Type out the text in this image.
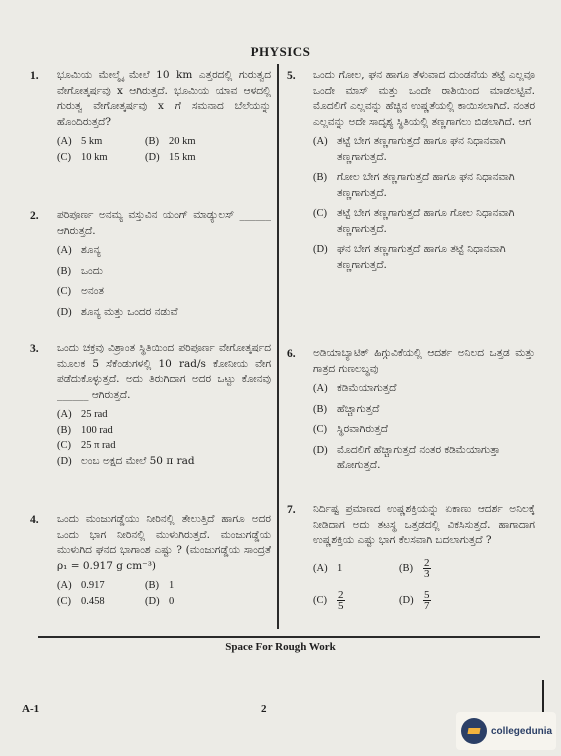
PHYSICS
1. ಭೂಮಿಯ ಮೇಲ್ಮೈ ಮೇಲೆ 10 km ಎತ್ತರದಲ್ಲಿ ಗುರುತ್ವದ ವೇಗೋತ್ಕರ್ಷವು x ಆಗಿರುತ್ತದೆ. ಭೂಮಿಯ ಯಾವ ಆಳದಲ್ಲಿ ಗುರುತ್ವ ವೇಗೋತ್ಕರ್ಷವು x ಗೆ ಸಮನಾದ ಬೆಲೆಯನ್ನು ಹೊಂದಿರುತ್ತದೆ?
(A) 5 km	(B) 20 km
(C) 10 km	(D) 15 km
2. ಪರಿಪೂರ್ಣ ಅನಮ್ಯ ವಸ್ತುವಿನ ಯಂಗ್ ಮಾಡ್ಯುಲಸ್ ______ ಆಗಿರುತ್ತದೆ.
(A) ಶೂನ್ಯ
(B) ಒಂದು
(C) ಅನಂತ
(D) ಶೂನ್ಯ ಮತ್ತು ಒಂದರ ನಡುವೆ
3. ಒಂದು ಚಕ್ರವು ವಿಶ್ರಾಂತ ಸ್ಥಿತಿಯಿಂದ ಪರಿಪೂರ್ಣ ವೇಗೋತ್ಕರ್ಷದ ಮೂಲಕ 5 ಸೆಕೆಂಡುಗಳಲ್ಲಿ 10 rad/s ಕೋನೀಯ ವೇಗ ಪಡೆದುಕೊಳ್ಳುತ್ತದೆ. ಅದು ತಿರುಗಿದಾಗ ಅದರ ಒಟ್ಟು ಕೋನವು ______ ಆಗಿರುತ್ತದೆ.
(A) 25 rad
(B) 100 rad
(C) 25 π rad
(D) ಲಂಬ ಅಕ್ಷದ ಮೇಲೆ 50 π rad
4. ಒಂದು ಮಂಜುಗಡ್ಡೆಯು ನೀರಿನಲ್ಲಿ ತೇಲುತ್ತಿದೆ ಹಾಗೂ ಅದರ ಒಂದು ಭಾಗ ನೀರಿನಲ್ಲಿ ಮುಳುಗಿರುತ್ತದೆ. ಮಂಜುಗಡ್ಡೆಯ ಮುಳುಗಿದ ಘನದ ಭಾಗಾಂಶ ಎಷ್ಟು ? (ಮಂಜುಗಡ್ಡೆಯ ಸಾಂದ್ರತೆ ρ₁ = 0.917 g cm⁻³)
(A) 0.917	(B) 1
(C) 0.458	(D) 0
5. ಒಂದು ಗೋಲ, ಘನ ಹಾಗೂ ತೆಳುವಾದ ದುಂಡನೆಯ ತಟ್ಟೆ ಎಲ್ಲವೂ ಒಂದೇ ಮಾಸ್ ಮತ್ತು ಒಂದೇ ರಾಶಿಯಿಂದ ಮಾಡಲಟ್ಟಿವೆ. ಮೊದಲಿಗೆ ಎಲ್ಲವನ್ನು ಹೆಚ್ಚಿನ ಉಷ್ಣತೆಯಲ್ಲಿ ಕಾಯಿಸಲಾಗಿದೆ. ನಂತರ ಎಲ್ಲವನ್ನು ಅದೇ ಸಾದೃಶ್ಯ ಸ್ಥಿತಿಯಲ್ಲಿ ತಣ್ಣಗಾಗಲು ಬಿಡಲಾಗಿದೆ. ಆಗ
(A) ತಟ್ಟೆ ಬೇಗ ತಣ್ಣಗಾಗುತ್ತದೆ ಹಾಗೂ ಘನ ನಿಧಾನವಾಗಿ ತಣ್ಣಗಾಗುತ್ತದೆ.
(B) ಗೋಲ ಬೇಗ ತಣ್ಣಗಾಗುತ್ತದೆ ಹಾಗೂ ಘನ ನಿಧಾನವಾಗಿ ತಣ್ಣಗಾಗುತ್ತದೆ.
(C) ತಟ್ಟೆ ಬೇಗ ತಣ್ಣಗಾಗುತ್ತದೆ ಹಾಗೂ ಗೋಲ ನಿಧಾನವಾಗಿ ತಣ್ಣಗಾಗುತ್ತದೆ.
(D) ಘನ ಬೇಗ ತಣ್ಣಗಾಗುತ್ತದೆ ಹಾಗೂ ತಟ್ಟೆ ನಿಧಾನವಾಗಿ ತಣ್ಣಗಾಗುತ್ತದೆ.
6. ಅಡಿಯಾಬ್ಯಾಟಿಕ್ ಹಿಗ್ಗುವಿಕೆಯಲ್ಲಿ ಆದರ್ಶ ಅನಿಲದ ಒತ್ತಡ ಮತ್ತು ಗಾತ್ರದ ಗುಣಲಬ್ಧವು
(A) ಕಡಿಮೆಯಾಗುತ್ತದೆ
(B) ಹೆಚ್ಚಾಗುತ್ತದೆ
(C) ಸ್ಥಿರವಾಗಿರುತ್ತದೆ
(D) ಮೊದಲಿಗೆ ಹೆಚ್ಚಾಗುತ್ತದೆ ನಂತರ ಕಡಿಮೆಯಾಗುತ್ತಾ ಹೋಗುತ್ತದೆ.
7. ನಿರ್ದಿಷ್ಟ ಪ್ರಮಾಣದ ಉಷ್ಣಶಕ್ತಿಯನ್ನು ಏಕಾಣು ಆದರ್ಶ ಅನಿಲಕ್ಕೆ ನೀಡಿದಾಗ ಅದು ತಟಸ್ಥ ಒತ್ತಡದಲ್ಲಿ ವಿಕಸಿಸುತ್ತದೆ. ಹಾಗಾದಾಗ ಉಷ್ಣಶಕ್ತಿಯ ಎಷ್ಟು ಭಾಗ ಕೆಲಸವಾಗಿ ಬದಲಾಗುತ್ತದೆ ?
(A) 1	$(B) \frac{2}{3}$
$(C) \frac{2}{5}$	$(D) \frac{5}{7}$
Space For Rough Work
A-1	2
collegedunia
